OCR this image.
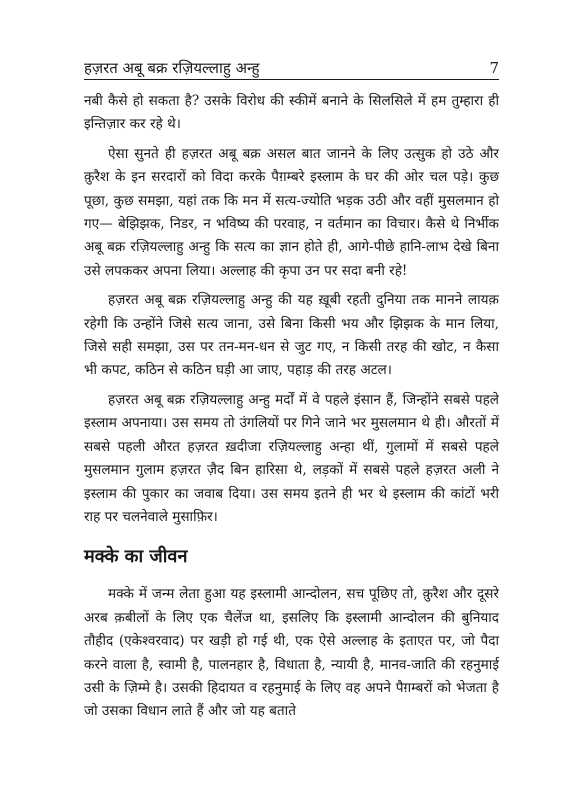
हज़रत अबू बक्र रज़ियल्लाहु अन्हु	7

नबी कैसे हो सकता है? उसके विरोध की स्कीमें बनाने के सिलसिले में हम तुम्हारा ही इन्तिज़ार कर रहे थे।

ऐसा सुनते ही हज़रत अबू बक्र असल बात जानने के लिए उत्सुक हो उठे और क़ुरैश के इन सरदारों को विदा करके पैग़म्बरे इस्लाम के घर की ओर चल पड़े। कुछ पूछा, कुछ समझा, यहां तक कि मन में सत्य-ज्योति भड़क उठी और वहीं मुसलमान हो गए— बेझिझक, निडर, न भविष्य की परवाह, न वर्तमान का विचार। कैसे थे निर्भीक अबू बक्र रज़ियल्लाहु अन्हु कि सत्य का ज्ञान होते ही, आगे-पीछे हानि-लाभ देखे बिना उसे लपककर अपना लिया। अल्लाह की कृपा उन पर सदा बनी रहे!

हज़रत अबू बक्र रज़ियल्लाहु अन्हु की यह ख़ूबी रहती दुनिया तक मानने लायक़ रहेगी कि उन्होंने जिसे सत्य जाना, उसे बिना किसी भय और झिझक के मान लिया, जिसे सही समझा, उस पर तन-मन-धन से जुट गए, न किसी तरह की खोट, न कैसा भी कपट, कठिन से कठिन घड़ी आ जाए, पहाड़ की तरह अटल।

हज़रत अबू बक्र रज़ियल्लाहु अन्हु मर्दों में वे पहले इंसान हैं, जिन्होंने सबसे पहले इस्लाम अपनाया। उस समय तो उंगलियों पर गिने जाने भर मुसलमान थे ही। औरतों में सबसे पहली औरत हज़रत ख़दीजा रज़ियल्लाहु अन्हा थीं, गुलामों में सबसे पहले मुसलमान गुलाम हज़रत ज़ैद बिन हारिसा थे, लड़कों में सबसे पहले हज़रत अली ने इस्लाम की पुकार का जवाब दिया। उस समय इतने ही भर थे इस्लाम की कांटों भरी राह पर चलनेवाले मुसाफ़िर।

मक्के का जीवन

मक्के में जन्म लेता हुआ यह इस्लामी आन्दोलन, सच पूछिए तो, क़ुरैश और दूसरे अरब क़बीलों के लिए एक चैलेंज था, इसलिए कि इस्लामी आन्दोलन की बुनियाद तौहीद (एकेश्वरवाद) पर खड़ी हो गई थी, एक ऐसे अल्लाह के इताएत पर, जो पैदा करने वाला है, स्वामी है, पालनहार है, विधाता है, न्यायी है, मानव-जाति की रहनुमाई उसी के ज़िम्मे है। उसकी हिदायत व रहनुमाई के लिए वह अपने पैग़म्बरों को भेजता है जो उसका विधान लाते हैं और जो यह बताते
